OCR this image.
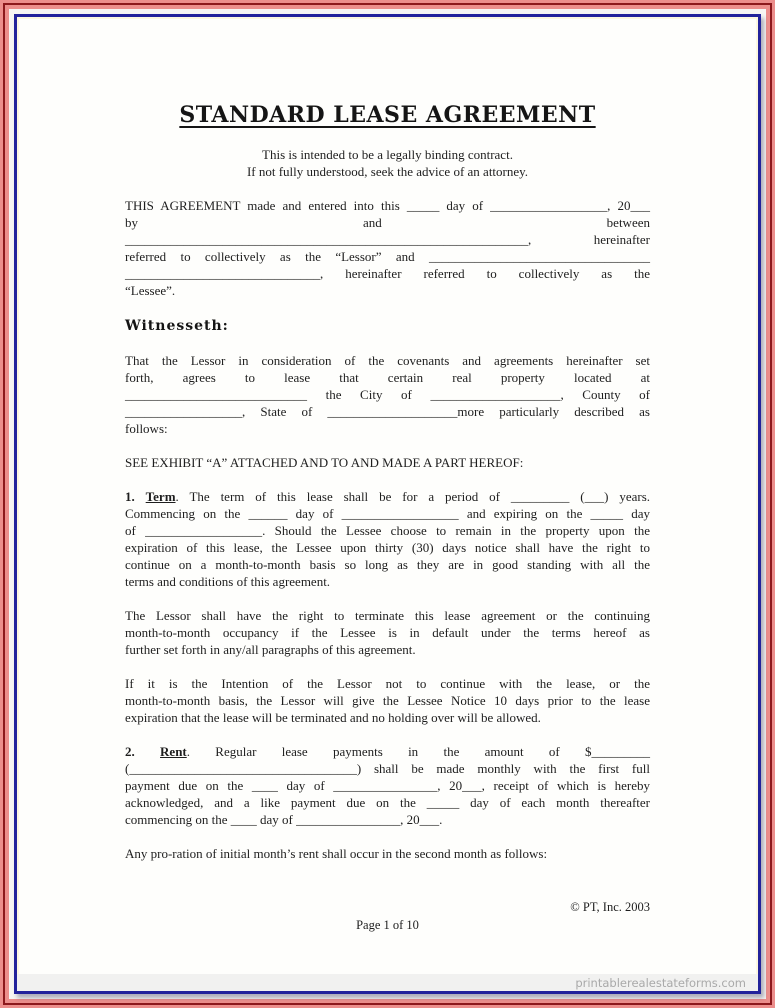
STANDARD LEASE AGREEMENT
This is intended to be a legally binding contract.
If not fully understood, seek the advice of an attorney.
THIS AGREEMENT made and entered into this _____ day of __________________, 20___
by and between
______________________________________________________________, hereinafter
referred to collectively as the “Lessor” and __________________________________
______________________________, hereinafter referred to collectively as the
“Lessee”.
Witnesseth:
That the Lessor in consideration of the covenants and agreements hereinafter set
forth, agrees to lease that certain real property located at
____________________________ the City of ____________________, County of
__________________, State of ____________________more particularly described as
follows:
SEE EXHIBIT “A” ATTACHED AND TO AND MADE A PART HEREOF:
1. Term. The term of this lease shall be for a period of _________ (___) years.
Commencing on the ______ day of __________________ and expiring on the _____ day
of __________________. Should the Lessee choose to remain in the property upon the
expiration of this lease, the Lessee upon thirty (30) days notice shall have the right to
continue on a month-to-month basis so long as they are in good standing with all the
terms and conditions of this agreement.
The Lessor shall have the right to terminate this lease agreement or the continuing
month-to-month occupancy if the Lessee is in default under the terms hereof as
further set forth in any/all paragraphs of this agreement.
If it is the Intention of the Lessor not to continue with the lease, or the
month-to-month basis, the Lessor will give the Lessee Notice 10 days prior to the lease
expiration that the lease will be terminated and no holding over will be allowed.
2. Rent. Regular lease payments in the amount of $_________
(___________________________________) shall be made monthly with the first full
payment due on the ____ day of ________________, 20___, receipt of which is hereby
acknowledged, and a like payment due on the _____ day of each month thereafter
commencing on the ____ day of ________________, 20___.
Any pro-ration of initial month’s rent shall occur in the second month as follows:
© PT, Inc. 2003
Page 1 of 10
printablerealestateforms.com
